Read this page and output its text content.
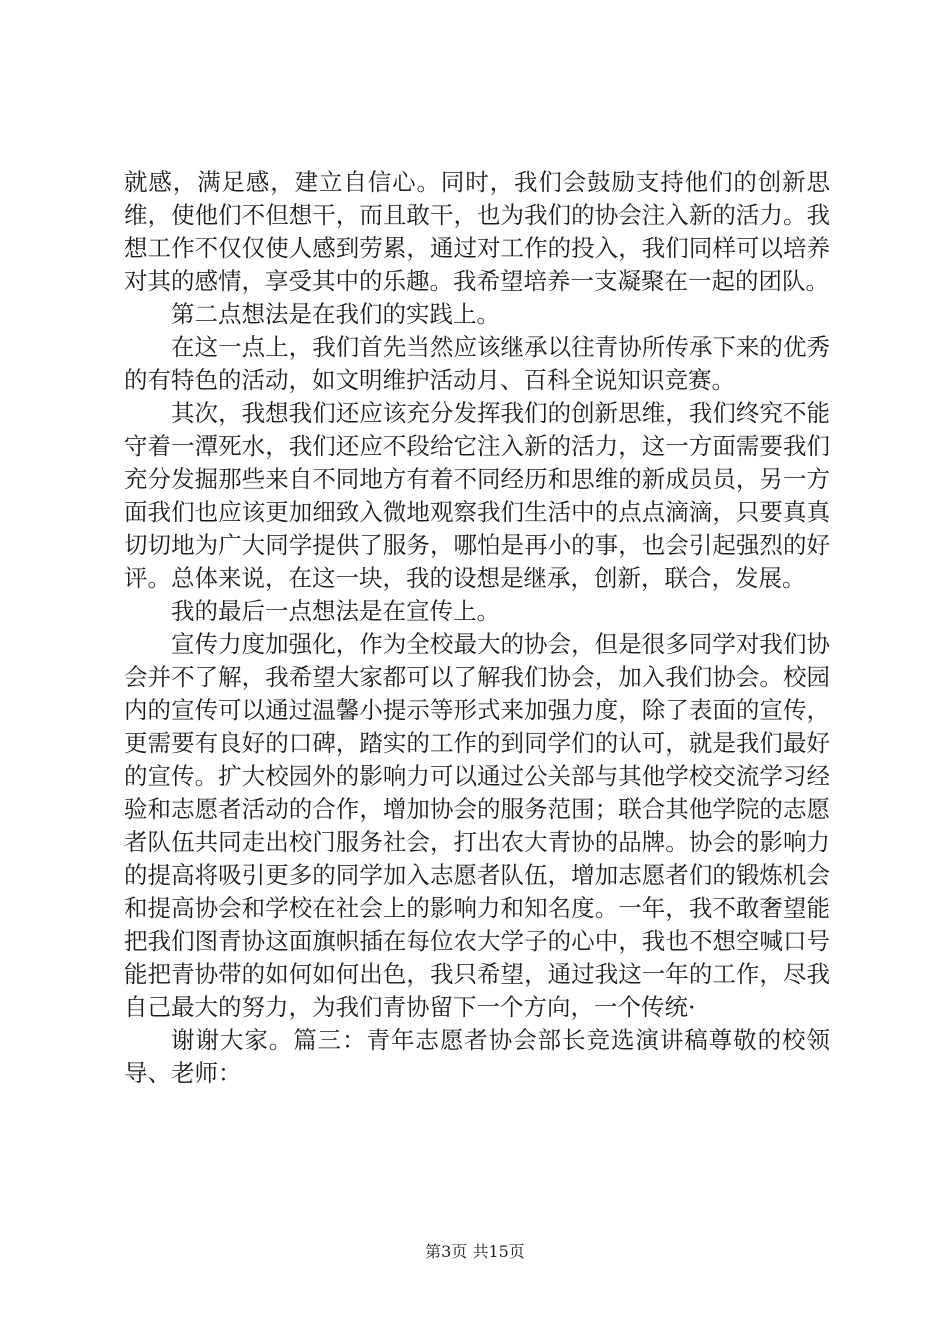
就感，满足感，建立自信心。同时，我们会鼓励支持他们的创新思维，使他们不但想干，而且敢干，也为我们的协会注入新的活力。我想工作不仅仅使人感到劳累，通过对工作的投入，我们同样可以培养对其的感情，享受其中的乐趣。我希望培养一支凝聚在一起的团队。

第二点想法是在我们的实践上。

在这一点上，我们首先当然应该继承以往青协所传承下来的优秀的有特色的活动，如文明维护活动月、百科全说知识竞赛。

其次，我想我们还应该充分发挥我们的创新思维，我们终究不能守着一潭死水，我们还应不段给它注入新的活力，这一方面需要我们充分发掘那些来自不同地方有着不同经历和思维的新成员员，另一方面我们也应该更加细致入微地观察我们生活中的点点滴滴，只要真真切切地为广大同学提供了服务，哪怕是再小的事，也会引起强烈的好评。总体来说，在这一块，我的设想是继承，创新，联合，发展。

我的最后一点想法是在宣传上。

宣传力度加强化，作为全校最大的协会，但是很多同学对我们协会并不了解，我希望大家都可以了解我们协会，加入我们协会。校园内的宣传可以通过温馨小提示等形式来加强力度，除了表面的宣传，更需要有良好的口碑，踏实的工作的到同学们的认可，就是我们最好的宣传。扩大校园外的影响力可以通过公关部与其他学校交流学习经验和志愿者活动的合作，增加协会的服务范围；联合其他学院的志愿者队伍共同走出校门服务社会，打出农大青协的品牌。协会的影响力的提高将吸引更多的同学加入志愿者队伍，增加志愿者们的锻炼机会和提高协会和学校在社会上的影响力和知名度。一年，我不敢奢望能把我们图青协这面旗帜插在每位农大学子的心中，我也不想空喊口号能把青协带的如何如何出色，我只希望，通过我这一年的工作，尽我自己最大的努力，为我们青协留下一个方向，一个传统·

谢谢大家。篇三：青年志愿者协会部长竞选演讲稿尊敬的校领导、老师：

第3页 共15页
